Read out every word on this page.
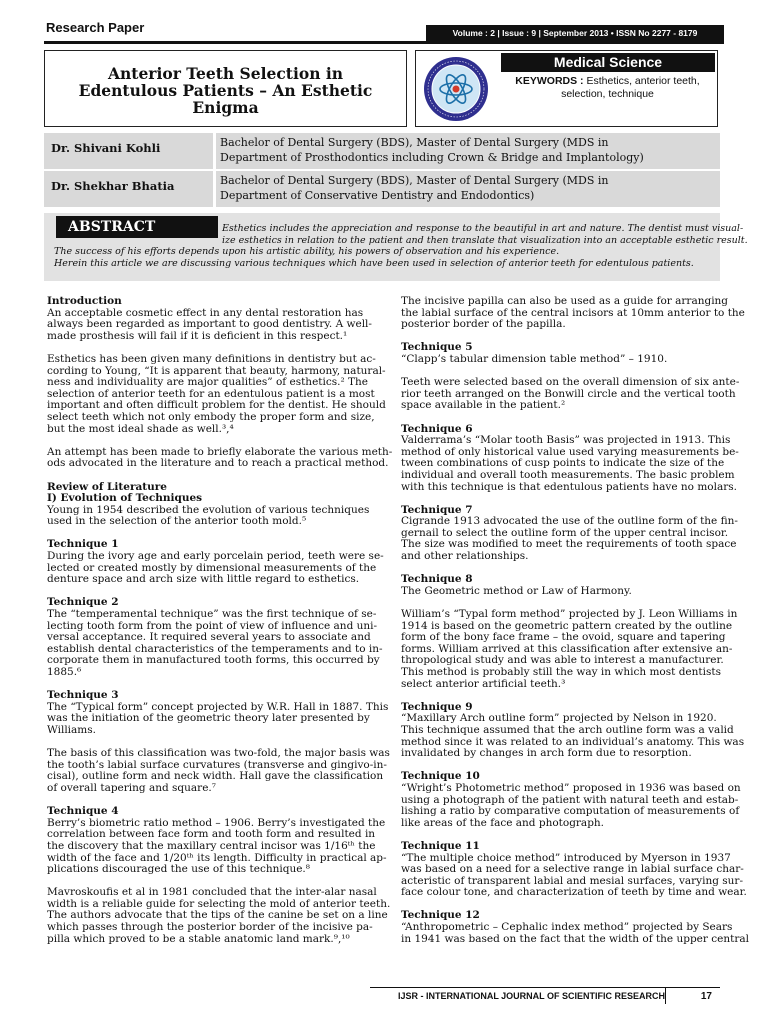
Research Paper	Volume : 2 | Issue : 9 | September 2013 • ISSN No 2277 - 8179
Anterior Teeth Selection in
Edentulous Patients – An Esthetic
Enigma
Medical Science
KEYWORDS : Esthetics, anterior teeth,
selection, technique
Dr. Shivani Kohli	Bachelor of Dental Surgery (BDS), Master of Dental Surgery (MDS in
Department of Prosthodontics including Crown & Bridge and Implantology)
Dr. Shekhar Bhatia	Bachelor of Dental Surgery (BDS), Master of Dental Surgery (MDS in
Department of Conservative Dentistry and Endodontics)
Esthetics includes the appreciation and response to the beautiful in art and nature. The dentist must visual-
ize esthetics in relation to the patient and then translate that visualization into an acceptable esthetic result.
The success of his efforts depends upon his artistic ability, his powers of observation and his experience.
Herein this article we are discussing various techniques which have been used in selection of anterior teeth for edentulous patients.
ABSTRACT
Introduction

An acceptable cosmetic effect in any dental restoration has
always been regarded as important to good dentistry. A well-
made prosthesis will fail if it is deficient in this respect.¹

Esthetics has been given many definitions in dentistry but ac-
cording to Young, “It is apparent that beauty, harmony, natural-
ness and individuality are major qualities” of esthetics.² The
selection of anterior teeth for an edentulous patient is a most
important and often difficult problem for the dentist. He should
select teeth which not only embody the proper form and size,
but the most ideal shade as well.³,⁴

An attempt has been made to briefly elaborate the various meth-
ods advocated in the literature and to reach a practical method.

Review of Literature
I) Evolution of Techniques

Young in 1954 described the evolution of various techniques
used in the selection of the anterior tooth mold.⁵

Technique 1

During the ivory age and early porcelain period, teeth were se-
lected or created mostly by dimensional measurements of the
denture space and arch size with little regard to esthetics.

Technique 2

The “temperamental technique” was the first technique of se-
lecting tooth form from the point of view of influence and uni-
versal acceptance. It required several years to associate and
establish dental characteristics of the temperaments and to in-
corporate them in manufactured tooth forms, this occurred by
1885.⁶

Technique 3

The “Typical form” concept projected by W.R. Hall in 1887. This
was the initiation of the geometric theory later presented by
Williams.

The basis of this classification was two-fold, the major basis was
the tooth’s labial surface curvatures (transverse and gingivo-in-
cisal), outline form and neck width. Hall gave the classification
of overall tapering and square.⁷

Technique 4

Berry’s biometric ratio method – 1906. Berry’s investigated the
correlation between face form and tooth form and resulted in
the discovery that the maxillary central incisor was 1/16ᵗʰ the
width of the face and 1/20ᵗʰ its length. Difficulty in practical ap-
plications discouraged the use of this technique.⁸

Mavroskoufis et al in 1981 concluded that the inter-alar nasal
width is a reliable guide for selecting the mold of anterior teeth.
The authors advocate that the tips of the canine be set on a line
which passes through the posterior border of the incisive pa-
pilla which proved to be a stable anatomic land mark.⁹,¹⁰

The incisive papilla can also be used as a guide for arranging
the labial surface of the central incisors at 10mm anterior to the
posterior border of the papilla.

Technique 5

“Clapp’s tabular dimension table method” – 1910.

Teeth were selected based on the overall dimension of six ante-
rior teeth arranged on the Bonwill circle and the vertical tooth
space available in the patient.²

Technique 6

Valderrama’s “Molar tooth Basis” was projected in 1913. This
method of only historical value used varying measurements be-
tween combinations of cusp points to indicate the size of the
individual and overall tooth measurements. The basic problem
with this technique is that edentulous patients have no molars.

Technique 7

Cigrande 1913 advocated the use of the outline form of the fin-
gernail to select the outline form of the upper central incisor.
The size was modified to meet the requirements of tooth space
and other relationships.

Technique 8

The Geometric method or Law of Harmony.

William’s “Typal form method” projected by J. Leon Williams in
1914 is based on the geometric pattern created by the outline
form of the bony face frame – the ovoid, square and tapering
forms. William arrived at this classification after extensive an-
thropological study and was able to interest a manufacturer.
This method is probably still the way in which most dentists
select anterior artificial teeth.³

Technique 9

“Maxillary Arch outline form” projected by Nelson in 1920.
This technique assumed that the arch outline form was a valid
method since it was related to an individual’s anatomy. This was
invalidated by changes in arch form due to resorption.

Technique 10

“Wright’s Photometric method” proposed in 1936 was based on
using a photograph of the patient with natural teeth and estab-
lishing a ratio by comparative computation of measurements of
like areas of the face and photograph.

Technique 11

“The multiple choice method” introduced by Myerson in 1937
was based on a need for a selective range in labial surface char-
acteristic of transparent labial and mesial surfaces, varying sur-
face colour tone, and characterization of teeth by time and wear.

Technique 12

“Anthropometric – Cephalic index method” projected by Sears
in 1941 was based on the fact that the width of the upper central

IJSR - INTERNATIONAL JOURNAL OF SCIENTIFIC RESEARCH	17
